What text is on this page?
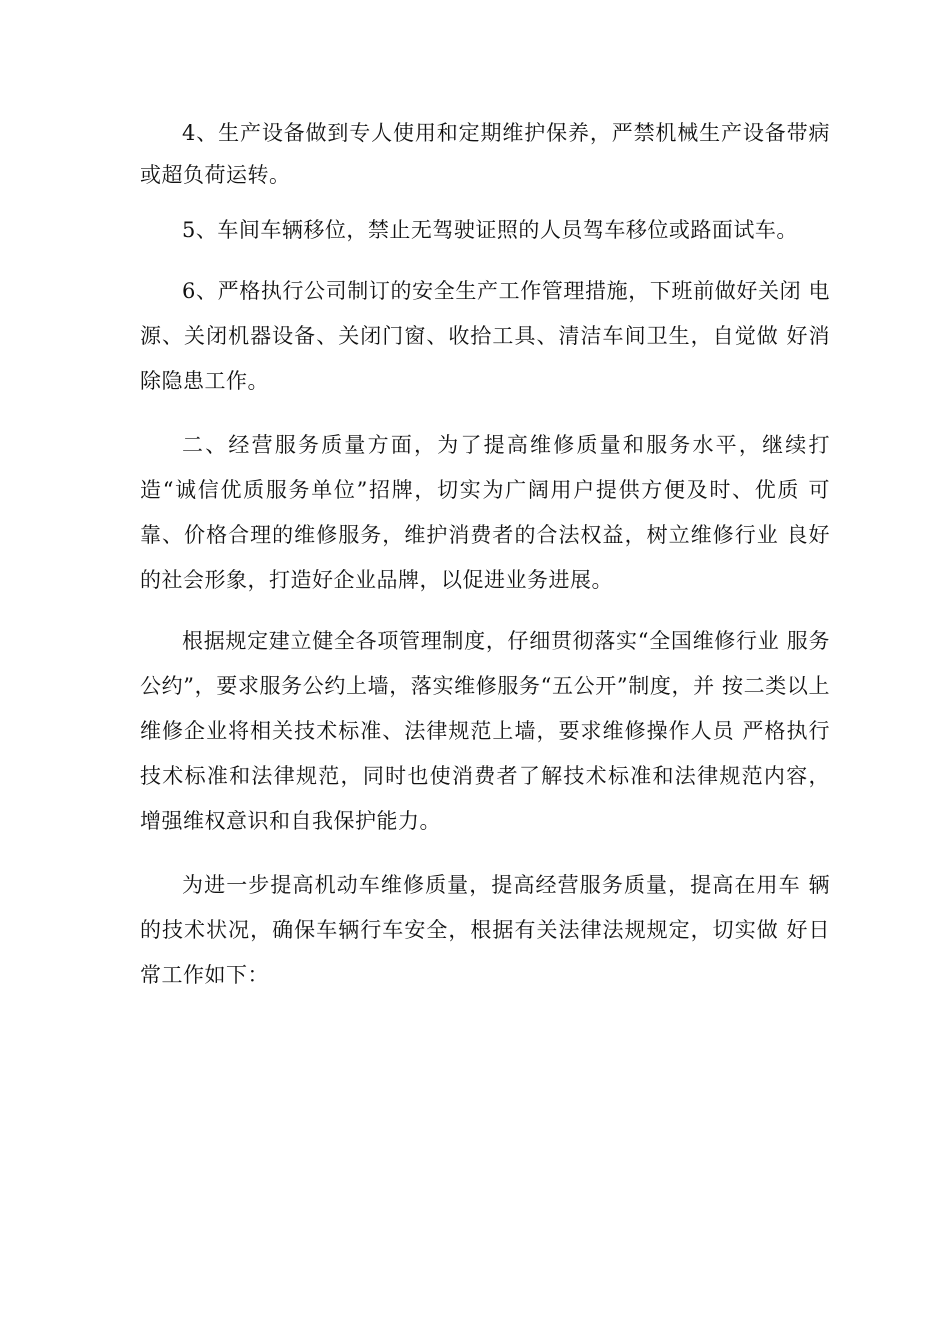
4、生产设备做到专人使用和定期维护保养，严禁机械生产设备带病或超负荷运转。

5、车间车辆移位，禁止无驾驶证照的人员驾车移位或路面试车。

6、严格执行公司制订的安全生产工作管理措施，下班前做好关闭 电源、关闭机器设备、关闭门窗、收拾工具、清洁车间卫生，自觉做 好消除隐患工作。

二、经营服务质量方面，为了提高维修质量和服务水平，继续打造“诚信优质服务单位”招牌，切实为广阔用户提供方便及时、优质 可靠、价格合理的维修服务，维护消费者的合法权益，树立维修行业 良好的社会形象，打造好企业品牌，以促进业务进展。

根据规定建立健全各项管理制度，仔细贯彻落实“全国维修行业 服务公约”，要求服务公约上墙，落实维修服务“五公开”制度，并 按二类以上维修企业将相关技术标准、法律规范上墙，要求维修操作人员 严格执行技术标准和法律规范，同时也使消费者了解技术标准和法律规范内容， 增强维权意识和自我保护能力。

为进一步提高机动车维修质量，提高经营服务质量，提高在用车 辆的技术状况，确保车辆行车安全，根据有关法律法规规定，切实做 好日常工作如下：
